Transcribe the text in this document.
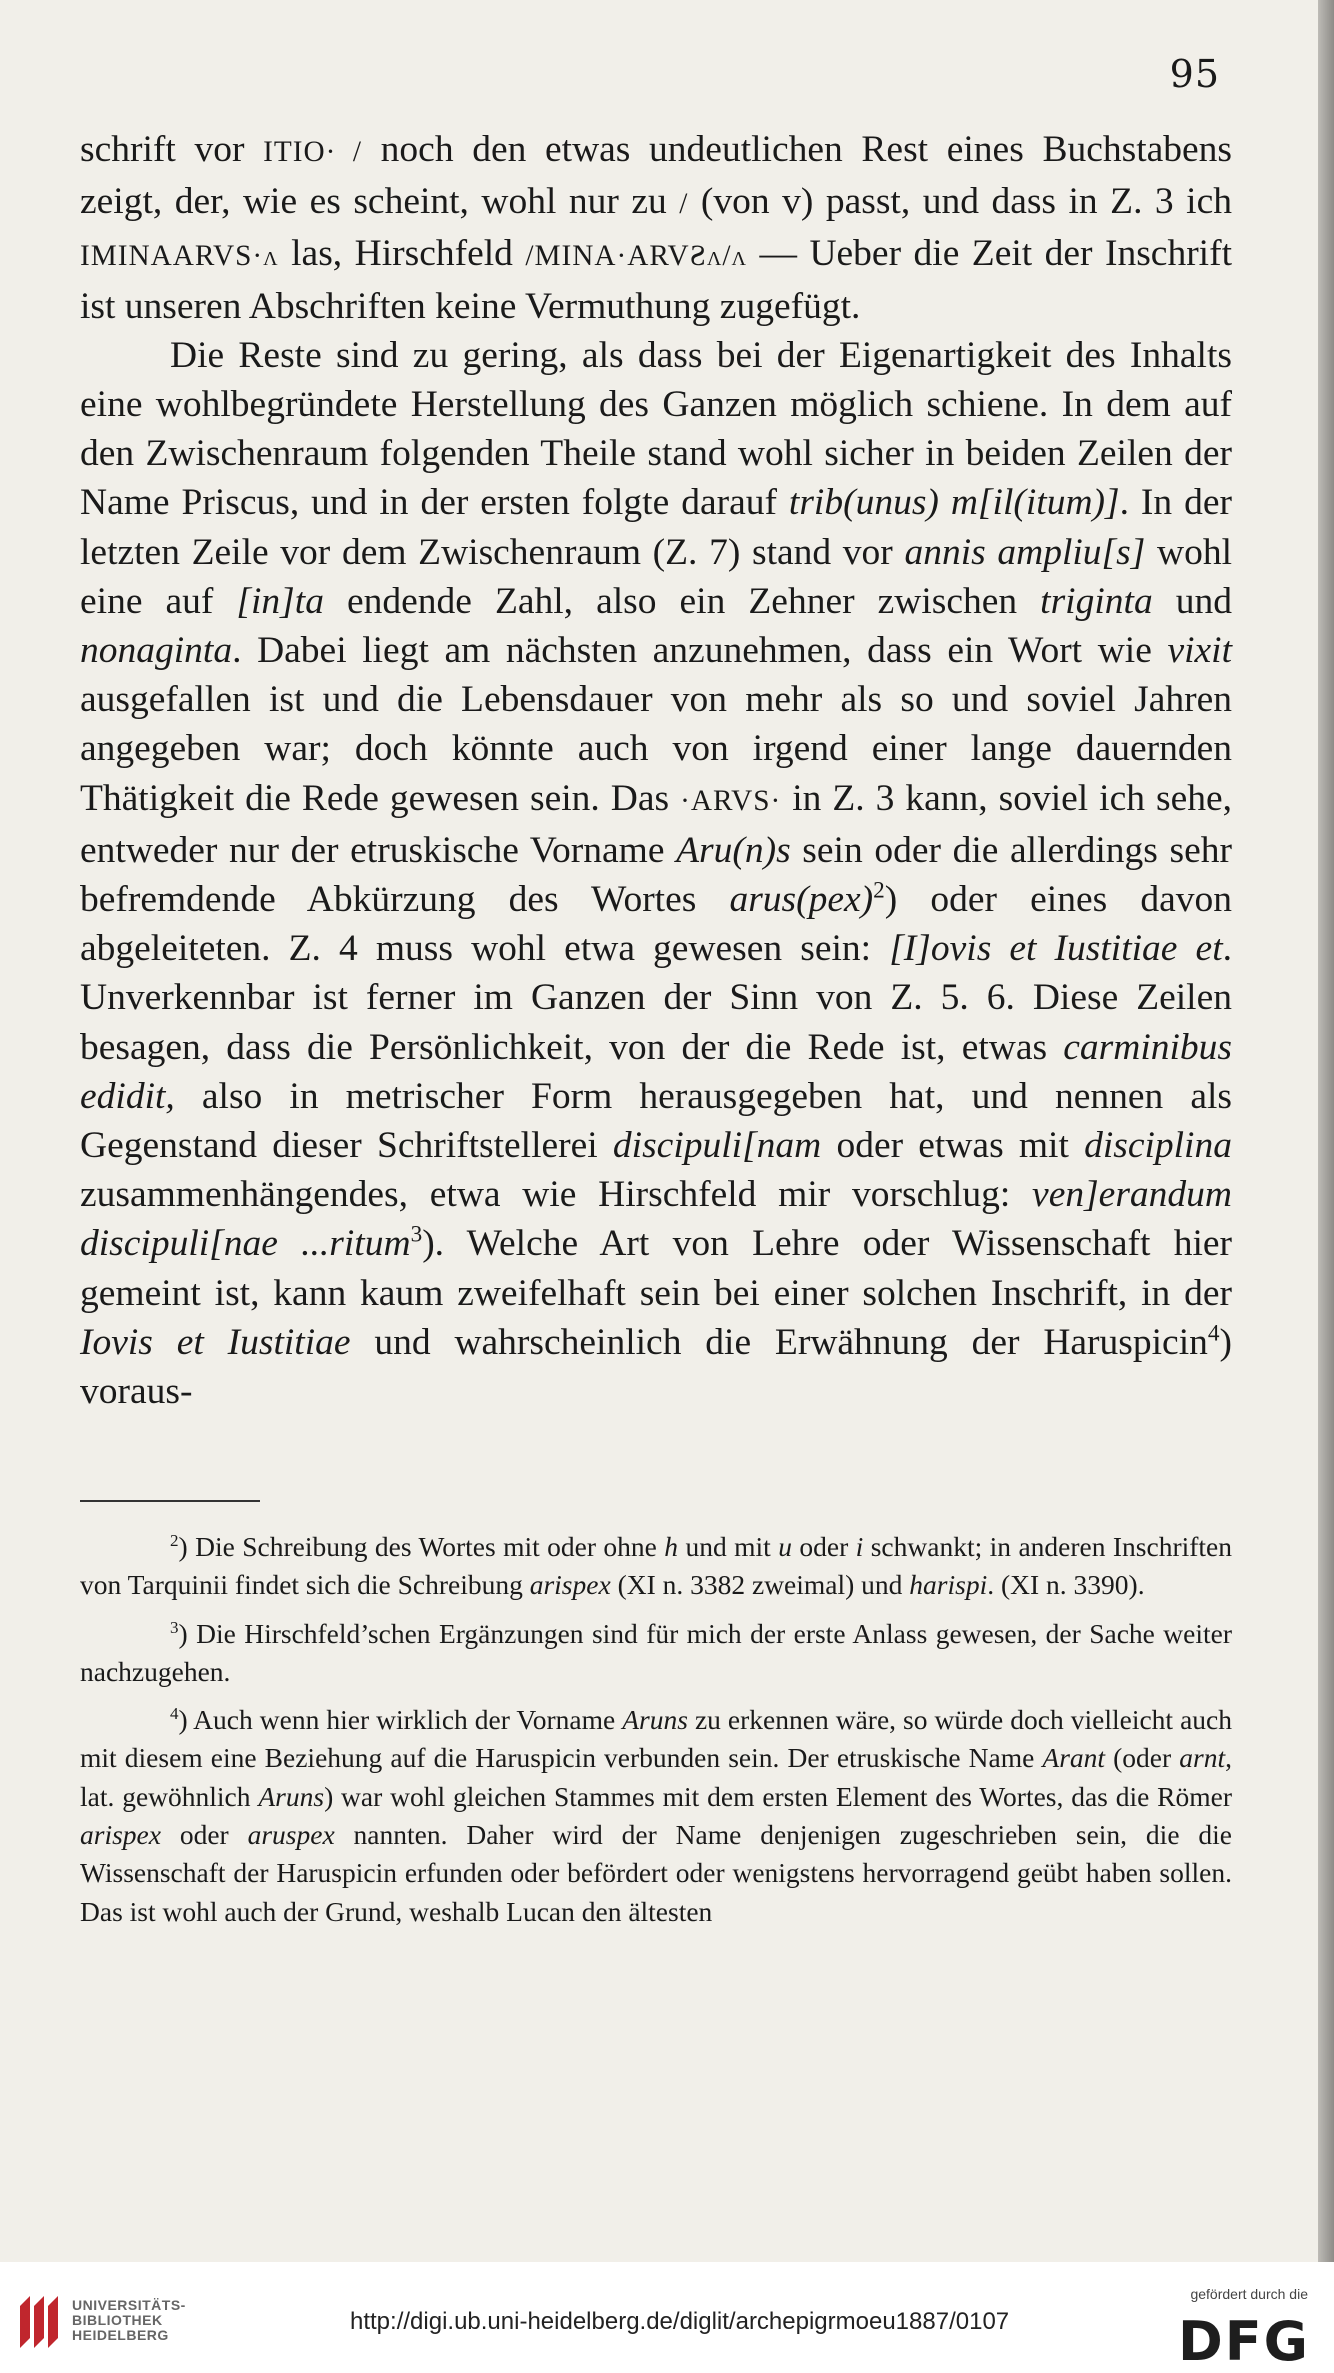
95

schrift vor ITIO·ɪ/ noch den etwas undeutlichen Rest eines Buchstabens zeigt, der, wie es scheint, wohl nur zu / (von v) passt, und dass in Z. 3 ich IMINAARVS·ʌ las, Hirschfeld /MINA·ARVƧʌ/ʌ — Ueber die Zeit der Inschrift ist unseren Abschriften keine Vermuthung zugefügt.

Die Reste sind zu gering, als dass bei der Eigenartigkeit des Inhalts eine wohlbegründete Herstellung des Ganzen möglich schiene. In dem auf den Zwischenraum folgenden Theile stand wohl sicher in beiden Zeilen der Name Priscus, und in der ersten folgte darauf trib(unus) m[il(itum)]. In der letzten Zeile vor dem Zwischenraum (Z. 7) stand vor annis ampliu[s] wohl eine auf [in]ta endende Zahl, also ein Zehner zwischen triginta und nonaginta. Dabei liegt am nächsten anzunehmen, dass ein Wort wie vixit ausgefallen ist und die Lebensdauer von mehr als so und soviel Jahren angegeben war; doch könnte auch von irgend einer lange dauernden Thätigkeit die Rede gewesen sein. Das ·ARVS· in Z. 3 kann, soviel ich sehe, entweder nur der etruskische Vorname Aru(n)s sein oder die allerdings sehr befremdende Abkürzung des Wortes arus(pex)$^2$) oder eines davon abgeleiteten. Z. 4 muss wohl etwa gewesen sein: [I]ovis et Iustitiae et. Unverkennbar ist ferner im Ganzen der Sinn von Z. 5. 6. Diese Zeilen besagen, dass die Persönlichkeit, von der die Rede ist, etwas carminibus edidit, also in metrischer Form herausgegeben hat, und nennen als Gegenstand dieser Schriftstellerei discipuli[nam oder etwas mit disciplina zusammenhängendes, etwa wie Hirschfeld mir vorschlug: ven]erandum discipuli[nae ...ritum$^3$). Welche Art von Lehre oder Wissenschaft hier gemeint ist, kann kaum zweifelhaft sein bei einer solchen Inschrift, in der Iovis et Iustitiae und wahrscheinlich die Erwähnung der Haruspicin$^4$) voraus-

$^2$) Die Schreibung des Wortes mit oder ohne h und mit u oder i schwankt; in anderen Inschriften von Tarquinii findet sich die Schreibung arispex (XI n. 3382 zweimal) und harispi. (XI n. 3390).

$^3$) Die Hirschfeld’schen Ergänzungen sind für mich der erste Anlass gewesen, der Sache weiter nachzugehen.

$^4$) Auch wenn hier wirklich der Vorname Aruns zu erkennen wäre, so würde doch vielleicht auch mit diesem eine Beziehung auf die Haruspicin verbunden sein. Der etruskische Name Arant (oder arnt, lat. gewöhnlich Aruns) war wohl gleichen Stammes mit dem ersten Element des Wortes, das die Römer arispex oder aruspex nannten. Daher wird der Name denjenigen zugeschrieben sein, die die Wissenschaft der Haruspicin erfunden oder befördert oder wenigstens hervorragend geübt haben sollen. Das ist wohl auch der Grund, weshalb Lucan den ältesten

UNIVERSITÄTS-
BIBLIOTHEK
HEIDELBERG	http://digi.ub.uni-heidelberg.de/diglit/archepigrmoeu1887/0107
gefördert durch die
DFG
